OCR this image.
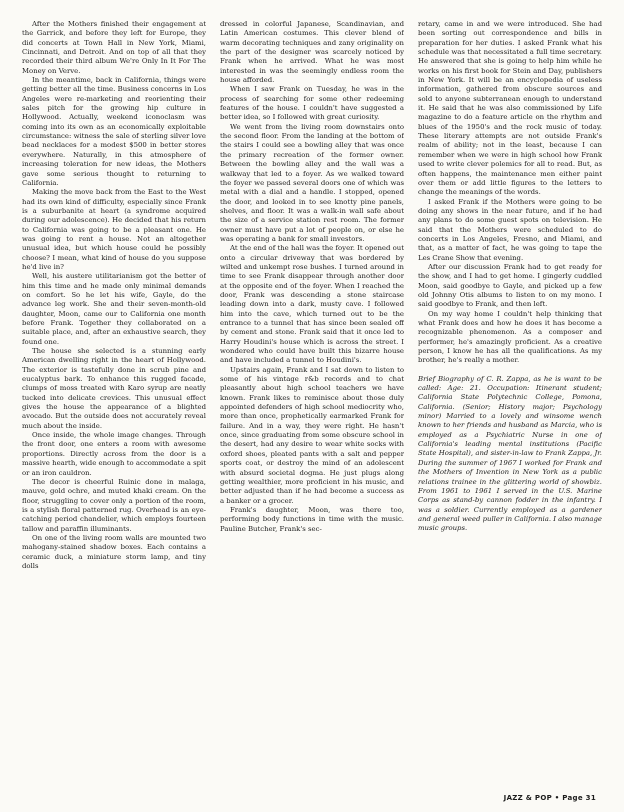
After the Mothers finished their engagement at the Garrick, and before they left for Europe, they did concerts at Town Hall in New York, Miami, Cincinnati, and Detroit. And on top of all that they recorded their third album We're Only In It For The Money on Verve.

In the meantime, back in California, things were getting better all the time. Business concerns in Los Angeles were re-marketing and reorienting their sales pitch for the growing hip culture in Hollywood. Actually, weekend iconoclasm was coming into its own as an economically exploitable circumstance: witness the sale of sterling silver love bead necklaces for a modest $500 in better stores everywhere. Naturally, in this atmosphere of increasing toleration for new ideas, the Mothers gave some serious thought to returning to California.

Making the move back from the East to the West had its own kind of difficulty, especially since Frank is a suburbanite at heart (a syndrome acquired during our adolescence). He decided that his return to California was going to be a pleasant one. He was going to rent a house. Not an altogether unusual idea, but which house could he possibly choose? I mean, what kind of house do you suppose he'd live in?

Well, his austere utilitarianism got the better of him this time and he made only minimal demands on comfort. So he let his wife, Gayle, do the advance leg work. She and their seven-month-old daughter, Moon, came our to California one month before Frank. Together they collaborated on a suitable place, and, after an exhaustive search, they found one.

The house she selected is a stunning early American dwelling right in the heart of Hollywood. The exterior is tastefully done in scrub pine and eucalyptus bark. To enhance this rugged facade, clumps of moss treated with Karo syrup are neatly tucked into delicate crevices. This unusual effect gives the house the appearance of a blighted avocado. But the outside does not accurately reveal much about the inside.

Once inside, the whole image changes. Through the front door, one enters a room with awesome proportions. Directly across from the door is a massive hearth, wide enough to accommodate a spit or an iron cauldron.

The decor is cheerful Ruinic done in malaga, mauve, gold ochre, and muted khaki cream. On the floor, struggling to cover only a portion of the room, is a stylish floral patterned rug. Overhead is an eye-catching period chandelier, which employs fourteen tallow and paraffin illuminants.

On one of the living room walls are mounted two mahogany-stained shadow boxes. Each contains a ceramic duck, a miniature storm lamp, and tiny dolls

dressed in colorful Japanese, Scandinavian, and Latin American costumes. This clever blend of warm decorating techniques and zany originality on the part of the designer was scarcely noticed by Frank when he arrived. What he was most interested in was the seemingly endless room the house afforded.

When I saw Frank on Tuesday, he was in the process of searching for some other redeeming features of the house. I couldn't have suggested a better idea, so I followed with great curiosity.

We went from the living room downstairs onto the second floor. From the landing at the bottom of the stairs I could see a bowling alley that was once the primary recreation of the former owner. Between the bowling alley and the wall was a walkway that led to a foyer. As we walked toward the foyer we passed several doors one of which was metal with a dial and a handle. I stopped, opened the door, and looked in to see knotty pine panels, shelves, and floor. It was a walk-in wall safe about the size of a service station rest room. The former owner must have put a lot of people on, or else he was operating a bank for small investors.

At the end of the hall was the foyer. It opened out onto a circular driveway that was bordered by wilted and unkempt rose bushes. I turned around in time to see Frank disappear through another door at the opposite end of the foyer. When I reached the door, Frank was descending a stone staircase leading down into a dark, musty cave. I followed him into the cave, which turned out to be the entrance to a tunnel that has since been sealed off by cement and stone. Frank said that it once led to Harry Houdini's house which is across the street. I wondered who could have built this bizarre house and have included a tunnel to Houdini's.

Upstairs again, Frank and I sat down to listen to some of his vintage r&b records and to chat pleasantly about high school teachers we have known. Frank likes to reminisce about those duly appointed defenders of high school mediocrity who, more than once, prophetically earmarked Frank for failure. And in a way, they were right. He hasn't once, since graduating from some obscure school in the desert, had any desire to wear white socks with oxford shoes, pleated pants with a salt and pepper sports coat, or destroy the mind of an adolescent with absurd societal dogma. He just plugs along getting wealthier, more proficient in his music, and better adjusted than if he had become a success as a banker or a grocer.

Frank's daughter, Moon, was there too, performing body functions in time with the music. Pauline Butcher, Frank's sec-

retary, came in and we were introduced. She had been sorting out correspondence and bills in preparation for her duties. I asked Frank what his schedule was that necessitated a full time secretary. He answered that she is going to help him while he works on his first book for Stein and Day, publishers in New York. It will be an encyclopedia of useless information, gathered from obscure sources and sold to anyone subterranean enough to understand it. He said that he was also commissioned by Life magazine to do a feature article on the rhythm and blues of the 1950's and the rock music of today. These literary attempts are not outside Frank's realm of ability; not in the least, because I can remember when we were in high school how Frank used to write clever polemics for all to read. But, as often happens, the maintenance men either paint over them or add little figures to the letters to change the meanings of the words.

I asked Frank if the Mothers were going to be doing any shows in the near future, and if he had any plans to do some guest spots on television. He said that the Mothers were scheduled to do concerts in Los Angeles, Fresno, and Miami, and that, as a matter of fact, he was going to tape the Les Crane Show that evening.

After our discussion Frank had to get ready for the show, and I had to get home. I gingerly cuddled Moon, said goodbye to Gayle, and picked up a few old Johnny Otis albums to listen to on my mono. I said goodbye to Frank, and then left.

On my way home I couldn't help thinking that what Frank does and how he does it has become a recognizable phenomenon. As a composer and performer, he's amazingly proficient. As a creative person, I know he has all the qualifications. As my brother, he's really a mother.

Brief Biography of C. R. Zappa, as he is want to be called: Age: 21. Occupation: Itinerant student; California State Polytechnic College, Pomona, California. (Senior; History major; Psychology minor) Married to a lovely and winsome wench known to her friends and husband as Marcia, who is employed as a Psychiatric Nurse in one of California's leading mental institutions (Pacific State Hospital), and sister-in-law to Frank Zappa, Jr. During the summer of 1967 I worked for Frank and the Mothers of Invention in New York as a public relations trainee in the glittering world of showbiz. From 1961 to 1961 I served in the U.S. Marine Corps as stand-by cannon fodder in the infantry. I was a soldier. Currently employed as a gardener and general weed puller in California. I also manage music groups.

JAZZ & POP • Page 31
